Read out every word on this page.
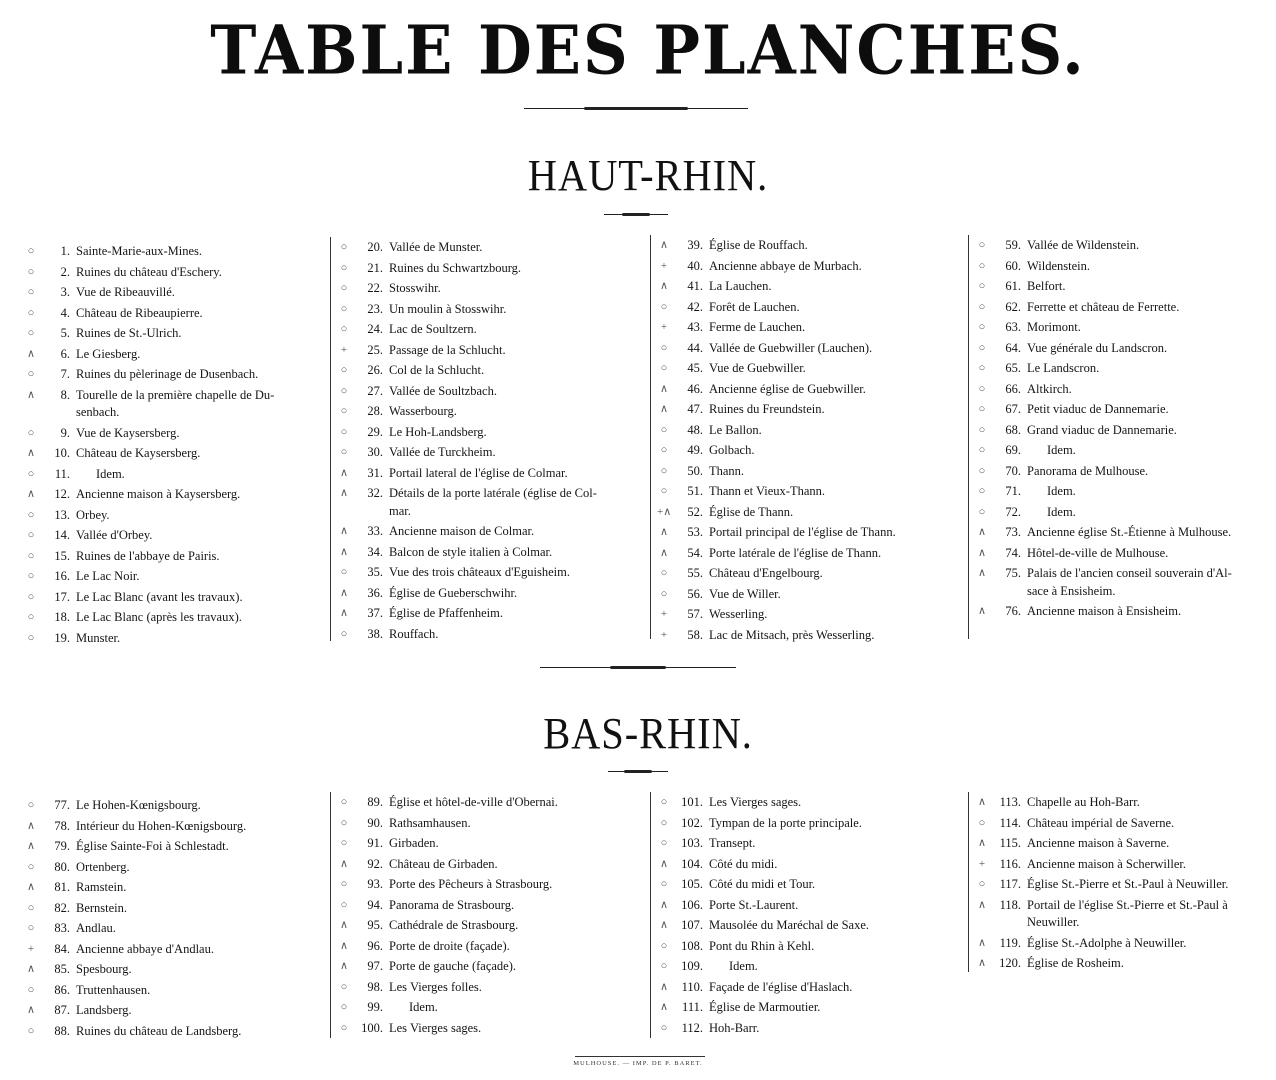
TABLE DES PLANCHES.
HAUT-RHIN.
○ 1. Sainte-Marie-aux-Mines.
○ 2. Ruines du château d'Eschery.
○ 3. Vue de Ribeauvillé.
○ 4. Château de Ribeaupierre.
○ 5. Ruines de St.-Ulrich.
∧ 6. Le Giesberg.
○ 7. Ruines du pèlerinage de Dusenbach.
∧ 8. Tourelle de la première chapelle de Du-
senbach.
○ 9. Vue de Kaysersberg.
∧ 10. Château de Kaysersberg.
○ 11. Idem.
∧ 12. Ancienne maison à Kaysersberg.
○ 13. Orbey.
○ 14. Vallée d'Orbey.
○ 15. Ruines de l'abbaye de Pairis.
○ 16. Le Lac Noir.
○ 17. Le Lac Blanc (avant les travaux).
○ 18. Le Lac Blanc (après les travaux).
○ 19. Munster.
○ 20. Vallée de Munster.
○ 21. Ruines du Schwartzbourg.
○ 22. Stosswihr.
○ 23. Un moulin à Stosswihr.
○ 24. Lac de Soultzern.
+	25. Passage de la Schlucht.
○ 26. Col de la Schlucht.
○ 27. Vallée de Soultzbach.
○ 28. Wasserbourg.
○ 29. Le Hoh-Landsberg.
○ 30. Vallée de Turckheim.
∧ 31. Portail lateral de l'église de Colmar.
∧ 32. Détails de la porte latérale (église de Col-
mar.
∧ 33. Ancienne maison de Colmar.
∧ 34. Balcon de style italien à Colmar.
○ 35. Vue des trois châteaux d'Eguisheim.
∧ 36. Église de Gueberschwihr.
∧ 37. Église de Pfaffenheim.
○ 38. Rouffach.
∧ 39. Église de Rouffach.
+	40. Ancienne abbaye de Murbach.
∧ 41. La Lauchen.
○ 42. Forêt de Lauchen.
+	43. Ferme de Lauchen.
○ 44. Vallée de Guebwiller (Lauchen).
○ 45. Vue de Guebwiller.
∧ 46. Ancienne église de Guebwiller.
∧ 47. Ruines du Freundstein.
○ 48. Le Ballon.
○ 49. Golbach.
○ 50. Thann.
○ 51. Thann et Vieux-Thann.
+∧ 52. Église de Thann.
∧ 53. Portail principal de l'église de Thann.
∧ 54. Porte latérale de l'église de Thann.
○ 55. Château d'Engelbourg.
○ 56. Vue de Willer.
+	57. Wesserling.
+	58. Lac de Mitsach, près Wesserling.
○ 59. Vallée de Wildenstein.
○ 60. Wildenstein.
○ 61. Belfort.
○ 62. Ferrette et château de Ferrette.
○ 63. Morimont.
○ 64. Vue générale du Landscron.
○ 65. Le Landscron.
○ 66. Altkirch.
○ 67. Petit viaduc de Dannemarie.
○ 68. Grand viaduc de Dannemarie.
○ 69. Idem.
○ 70. Panorama de Mulhouse.
○ 71. Idem.
○ 72. Idem.
∧ 73. Ancienne église St.-Étienne à Mulhouse.
∧ 74. Hôtel-de-ville de Mulhouse.
∧ 75. Palais de l'ancien conseil souverain d'Al-
sace à Ensisheim.
∧ 76. Ancienne maison à Ensisheim.
BAS-RHIN.
○ 77. Le Hohen-Kœnigsbourg.
∧ 78. Intérieur du Hohen-Kœnigsbourg.
∧ 79. Église Sainte-Foi à Schlestadt.
○ 80. Ortenberg.
∧ 81. Ramstein.
○ 82. Bernstein.
○ 83. Andlau.
+	84. Ancienne abbaye d'Andlau.
∧ 85. Spesbourg.
○ 86. Truttenhausen.
∧ 87. Landsberg.
○ 88. Ruines du château de Landsberg.
○ 89. Église et hôtel-de-ville d'Obernai.
○ 90. Rathsamhausen.
○ 91. Girbaden.
∧ 92. Château de Girbaden.
○ 93. Porte des Pêcheurs à Strasbourg.
○ 94. Panorama de Strasbourg.
∧ 95. Cathédrale de Strasbourg.
∧ 96. Porte de droite (façade).
∧ 97. Porte de gauche (façade).
○ 98. Les Vierges folles.
○ 99. Idem.
○ 100. Les Vierges sages.
○ 101. Les Vierges sages.
○ 102. Tympan de la porte principale.
○ 103. Transept.
∧ 104. Côté du midi.
○ 105. Côté du midi et Tour.
∧ 106. Porte St.-Laurent.
∧ 107. Mausolée du Maréchal de Saxe.
○ 108. Pont du Rhin à Kehl.
○ 109. Idem.
∧ 110. Façade de l'église d'Haslach.
∧ 111. Église de Marmoutier.
○ 112. Hoh-Barr.
∧ 113. Chapelle au Hoh-Barr.
○ 114. Château impérial de Saverne.
∧ 115. Ancienne maison à Saverne.
+	116. Ancienne maison à Scherwiller.
○ 117. Église St.-Pierre et St.-Paul à Neuwiller.
∧ 118. Portail de l'église St.-Pierre et St.-Paul à
Neuwiller.
∧ 119. Église St.-Adolphe à Neuwiller.
∧ 120. Église de Rosheim.
MULHOUSE. — IMP. DE P. BARET.
